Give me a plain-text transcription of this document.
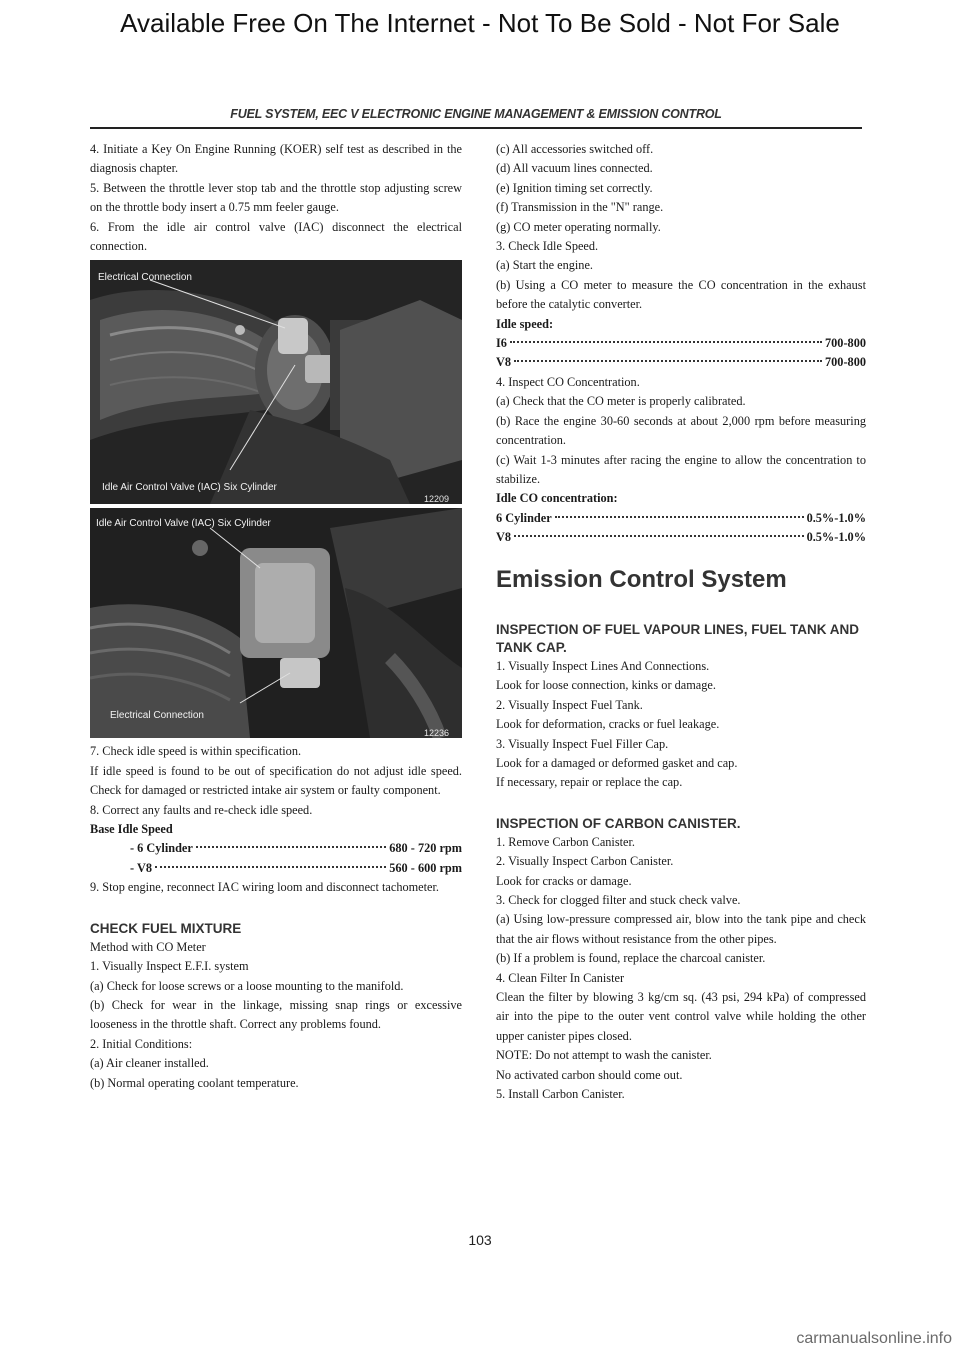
Available Free On The Internet - Not To Be Sold - Not For Sale
FUEL SYSTEM, EEC V ELECTRONIC ENGINE MANAGEMENT & EMISSION CONTROL

4. Initiate a Key On Engine Running (KOER) self test as described in the diagnosis chapter.

5. Between the throttle lever stop tab and the throttle stop adjusting screw on the throttle body insert a 0.75 mm feeler gauge.

6. From the idle air control valve (IAC) disconnect the electrical connection.

Electrical Connection
Idle Air Control Valve (IAC) Six Cylinder
12209
Idle Air Control Valve (IAC) Six Cylinder
Electrical Connection
12236

7. Check idle speed is within specification.

If idle speed is found to be out of specification do not adjust idle speed. Check for damaged or restricted intake air system or faulty component.

8. Correct any faults and re-check idle speed.

Base Idle Speed

- 6 Cylinder	680 - 720 rpm
- V8	560 - 600 rpm

9. Stop engine, reconnect IAC wiring loom and disconnect tachometer.

CHECK FUEL MIXTURE

Method with CO Meter

1. Visually Inspect E.F.I. system

(a) Check for loose screws or a loose mounting to the manifold.

(b) Check for wear in the linkage, missing snap rings or excessive looseness in the throttle shaft. Correct any problems found.

2. Initial Conditions:

(a) Air cleaner installed.

(b) Normal operating coolant temperature.

(c) All accessories switched off.

(d) All vacuum lines connected.

(e) Ignition timing set correctly.

(f) Transmission in the "N" range.

(g) CO meter operating normally.

3. Check Idle Speed.

(a) Start the engine.

(b) Using a CO meter to measure the CO concentration in the exhaust before the catalytic converter.

Idle speed:

I6	700-800
V8	700-800

4. Inspect CO Concentration.

(a) Check that the CO meter is properly calibrated.

(b) Race the engine 30-60 seconds at about 2,000 rpm before measuring concentration.

(c) Wait 1-3 minutes after racing the engine to allow the concentration to stabilize.

Idle CO concentration:

6 Cylinder	0.5%-1.0%
V8	0.5%-1.0%
Emission Control System

INSPECTION OF FUEL VAPOUR LINES, FUEL TANK AND TANK CAP.

1. Visually Inspect Lines And Connections.

Look for loose connection, kinks or damage.

2. Visually Inspect Fuel Tank.

Look for deformation, cracks or fuel leakage.

3. Visually Inspect Fuel Filler Cap.

Look for a damaged or deformed gasket and cap.

If necessary, repair or replace the cap.

INSPECTION OF CARBON CANISTER.

1. Remove Carbon Canister.

2. Visually Inspect Carbon Canister.

Look for cracks or damage.

3. Check for clogged filter and stuck check valve.

(a) Using low-pressure compressed air, blow into the tank pipe and check that the air flows without resistance from the other pipes.

(b) If a problem is found, replace the charcoal canister.

4. Clean Filter In Canister

Clean the filter by blowing 3 kg/cm sq. (43 psi, 294 kPa) of compressed air into the pipe to the outer vent control valve while holding the other upper canister pipes closed.

NOTE: Do not attempt to wash the canister.

No activated carbon should come out.

5. Install Carbon Canister.

103
carmanualsonline.info
